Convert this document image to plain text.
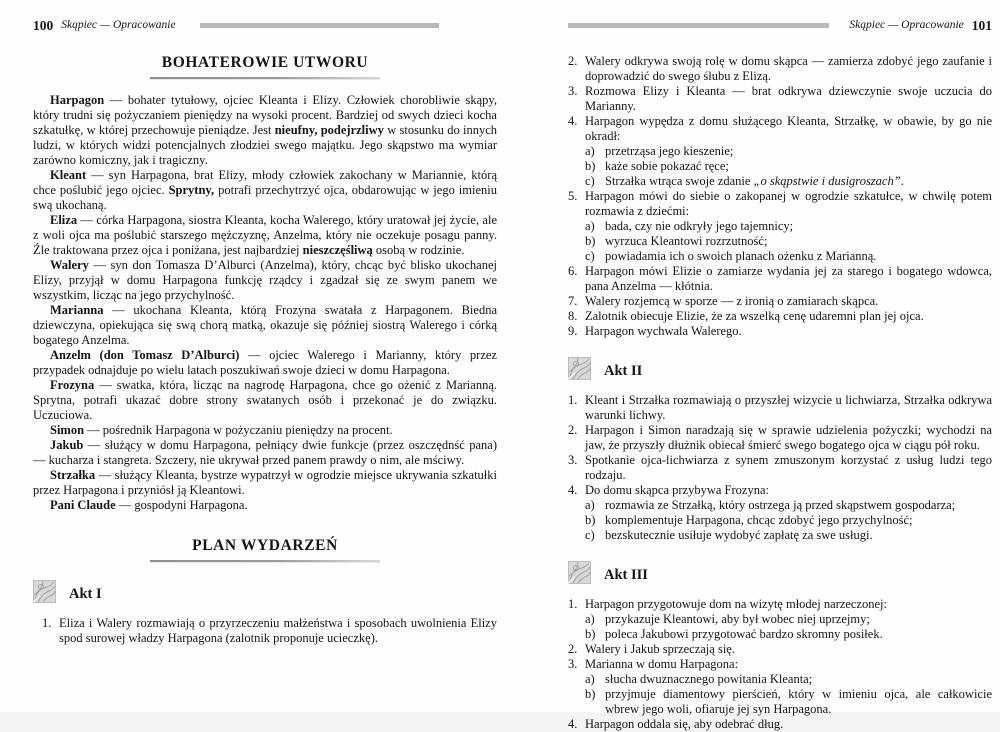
100 Skąpiec — Opracowanie
BOHATEROWIE UTWORU

Harpagon — bohater tytułowy, ojciec Kleanta i Elizy. Człowiek chorobliwie skąpy, który trudni się pożyczaniem pieniędzy na wysoki procent. Bardziej od swych dzieci kocha szkatułkę, w której przechowuje pieniądze. Jest nieufny, podejrzliwy w stosunku do innych ludzi, w których widzi potencjalnych złodziei swego majątku. Jego skąpstwo ma wymiar zarówno komiczny, jak i tragiczny.

Kleant — syn Harpagona, brat Elizy, młody człowiek zakochany w Mariannie, którą chce poślubić jego ojciec. Sprytny, potrafi przechytrzyć ojca, obdarowując w jego imieniu swą ukochaną.

Eliza — córka Harpagona, siostra Kleanta, kocha Walerego, który uratował jej życie, ale z woli ojca ma poślubić starszego mężczyznę, Anzelma, który nie oczekuje posagu panny. Źle traktowana przez ojca i poniżana, jest najbardziej nieszczęśliwą osobą w rodzinie.

Walery — syn don Tomasza D’Alburci (Anzelma), który, chcąc być blisko ukochanej Elizy, przyjął w domu Harpagona funkcję rządcy i zgadzał się ze swym panem we wszystkim, licząc na jego przychylność.

Marianna — ukochana Kleanta, którą Frozyna swatała z Harpagonem. Biedna dziewczyna, opiekująca się swą chorą matką, okazuje się później siostrą Walerego i córką bogatego Anzelma.

Anzelm (don Tomasz D’Alburci) — ojciec Walerego i Marianny, który przez przypadek odnajduje po wielu latach poszukiwań swoje dzieci w domu Harpagona.

Frozyna — swatka, która, licząc na nagrodę Harpagona, chce go ożenić z Marianną. Sprytna, potrafi ukazać dobre strony swatanych osób i przekonać je do związku. Uczuciowa.

Simon — pośrednik Harpagona w pożyczaniu pieniędzy na procent.

Jakub — służący w domu Harpagona, pełniący dwie funkcje (przez oszczędnść pana) — kucharza i stangreta. Szczery, nie ukrywał przed panem prawdy o nim, ale mściwy.

Strzałka — służący Kleanta, bystrze wypatrzył w ogrodzie miejsce ukrywania szkatułki przez Harpagona i przyniósł ją Kleantowi.

Pani Claude — gospodyni Harpagona.

PLAN WYDARZEŃ
Akt I
1. Eliza i Walery rozmawiają o przyrzeczeniu małżeństwa i sposobach uwolnienia Elizy spod surowej władzy Harpagona (zalotnik proponuje ucieczkę).
Skąpiec — Opracowanie 101
2. Walery odkrywa swoją rolę w domu skąpca — zamierza zdobyć jego zaufanie i doprowadzić do swego ślubu z Elizą.
3. Rozmowa Elizy i Kleanta — brat odkrywa dziewczynie swoje uczucia do Marianny.
4. Harpagon wypędza z domu służącego Kleanta, Strzałkę, w obawie, by go nie okradł:
a) przetrząsa jego kieszenie;
b) każe sobie pokazać ręce;
c) Strzałka wtrąca swoje zdanie „o skąpstwie i dusigroszach”.
5. Harpagon mówi do siebie o zakopanej w ogrodzie szkatułce, w chwilę potem rozmawia z dziećmi:
a) bada, czy nie odkryły jego tajemnicy;
b) wyrzuca Kleantowi rozrzutność;
c) powiadamia ich o swoich planach ożenku z Marianną.
6. Harpagon mówi Elizie o zamiarze wydania jej za starego i bogatego wdowca, pana Anzelma — kłótnia.
7. Walery rozjemcą w sporze — z ironią o zamiarach skąpca.
8. Zalotnik obiecuje Elizie, że za wszelką cenę udaremni plan jej ojca.
9. Harpagon wychwala Walerego.
Akt II
1. Kleant i Strzałka rozmawiają o przyszłej wizycie u lichwiarza, Strzałka odkrywa warunki lichwy.
2. Harpagon i Simon naradzają się w sprawie udzielenia pożyczki; wychodzi na jaw, że przyszły dłużnik obiecał śmierć swego bogatego ojca w ciągu pół roku.
3. Spotkanie ojca-lichwiarza z synem zmuszonym korzystać z usług ludzi tego rodzaju.
4. Do domu skąpca przybywa Frozyna:
a) rozmawia ze Strzałką, który ostrzega ją przed skąpstwem gospodarza;
b) komplementuje Harpagona, chcąc zdobyć jego przychylność;
c) bezskutecznie usiłuje wydobyć zapłatę za swe usługi.
Akt III
1. Harpagon przygotowuje dom na wizytę młodej narzeczonej:
a) przykazuje Kleantowi, aby był wobec niej uprzejmy;
b) poleca Jakubowi przygotować bardzo skromny posiłek.
2. Walery i Jakub sprzeczają się.
3. Marianna w domu Harpagona:
a) słucha dwuznacznego powitania Kleanta;
b) przyjmuje diamentowy pierścień, który w imieniu ojca, ale całkowicie wbrew jego woli, ofiaruje jej syn Harpagona.
4. Harpagon oddala się, aby odebrać dług.
